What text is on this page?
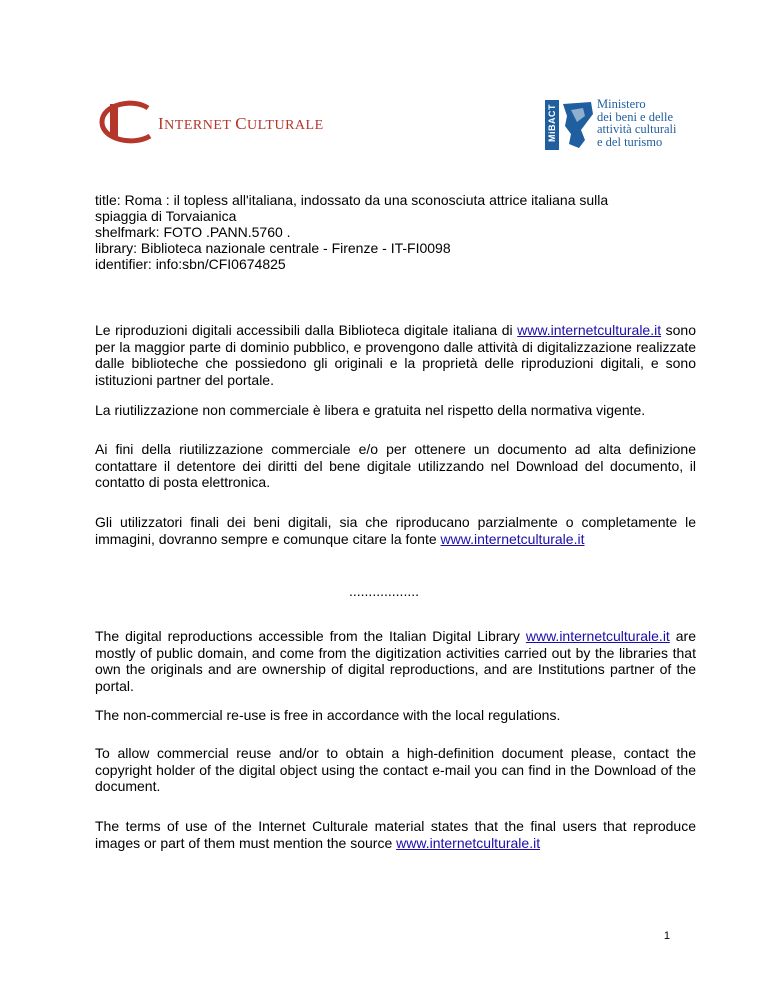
INTERNET CULTURALE	MiBACT	Ministero
dei beni e delle
attività culturali
e del turismo
title: Roma : il topless all'italiana, indossato da una sconosciuta attrice italiana sulla
spiaggia di Torvaianica
shelfmark: FOTO .PANN.5760 .
library: Biblioteca nazionale centrale - Firenze - IT-FI0098
identifier: info:sbn/CFI0674825

Le riproduzioni digitali accessibili dalla Biblioteca digitale italiana di www.internetculturale.it sono per la maggior parte di dominio pubblico, e provengono dalle attività di digitalizzazione realizzate dalle biblioteche che possiedono gli originali e la proprietà delle riproduzioni digitali, e sono istituzioni partner del portale.

La riutilizzazione non commerciale è libera e gratuita nel rispetto della normativa vigente.

Ai fini della riutilizzazione commerciale e/o per ottenere un documento ad alta definizione contattare il detentore dei diritti del bene digitale utilizzando nel Download del documento, il contatto di posta elettronica.

Gli utilizzatori finali dei beni digitali, sia che riproducano parzialmente o completamente le immagini, dovranno sempre e comunque citare la fonte www.internetculturale.it

..................

The digital reproductions accessible from the Italian Digital Library www.internetculturale.it are mostly of public domain, and come from the digitization activities carried out by the libraries that own the originals and are ownership of digital reproductions, and are Institutions partner of the portal.

The non-commercial re-use is free in accordance with the local regulations.

To allow commercial reuse and/or to obtain a high-definition document please, contact the copyright holder of the digital object using the contact e-mail you can find in the Download of the document.

The terms of use of the Internet Culturale material states that the final users that reproduce images or part of them must mention the source www.internetculturale.it

1
